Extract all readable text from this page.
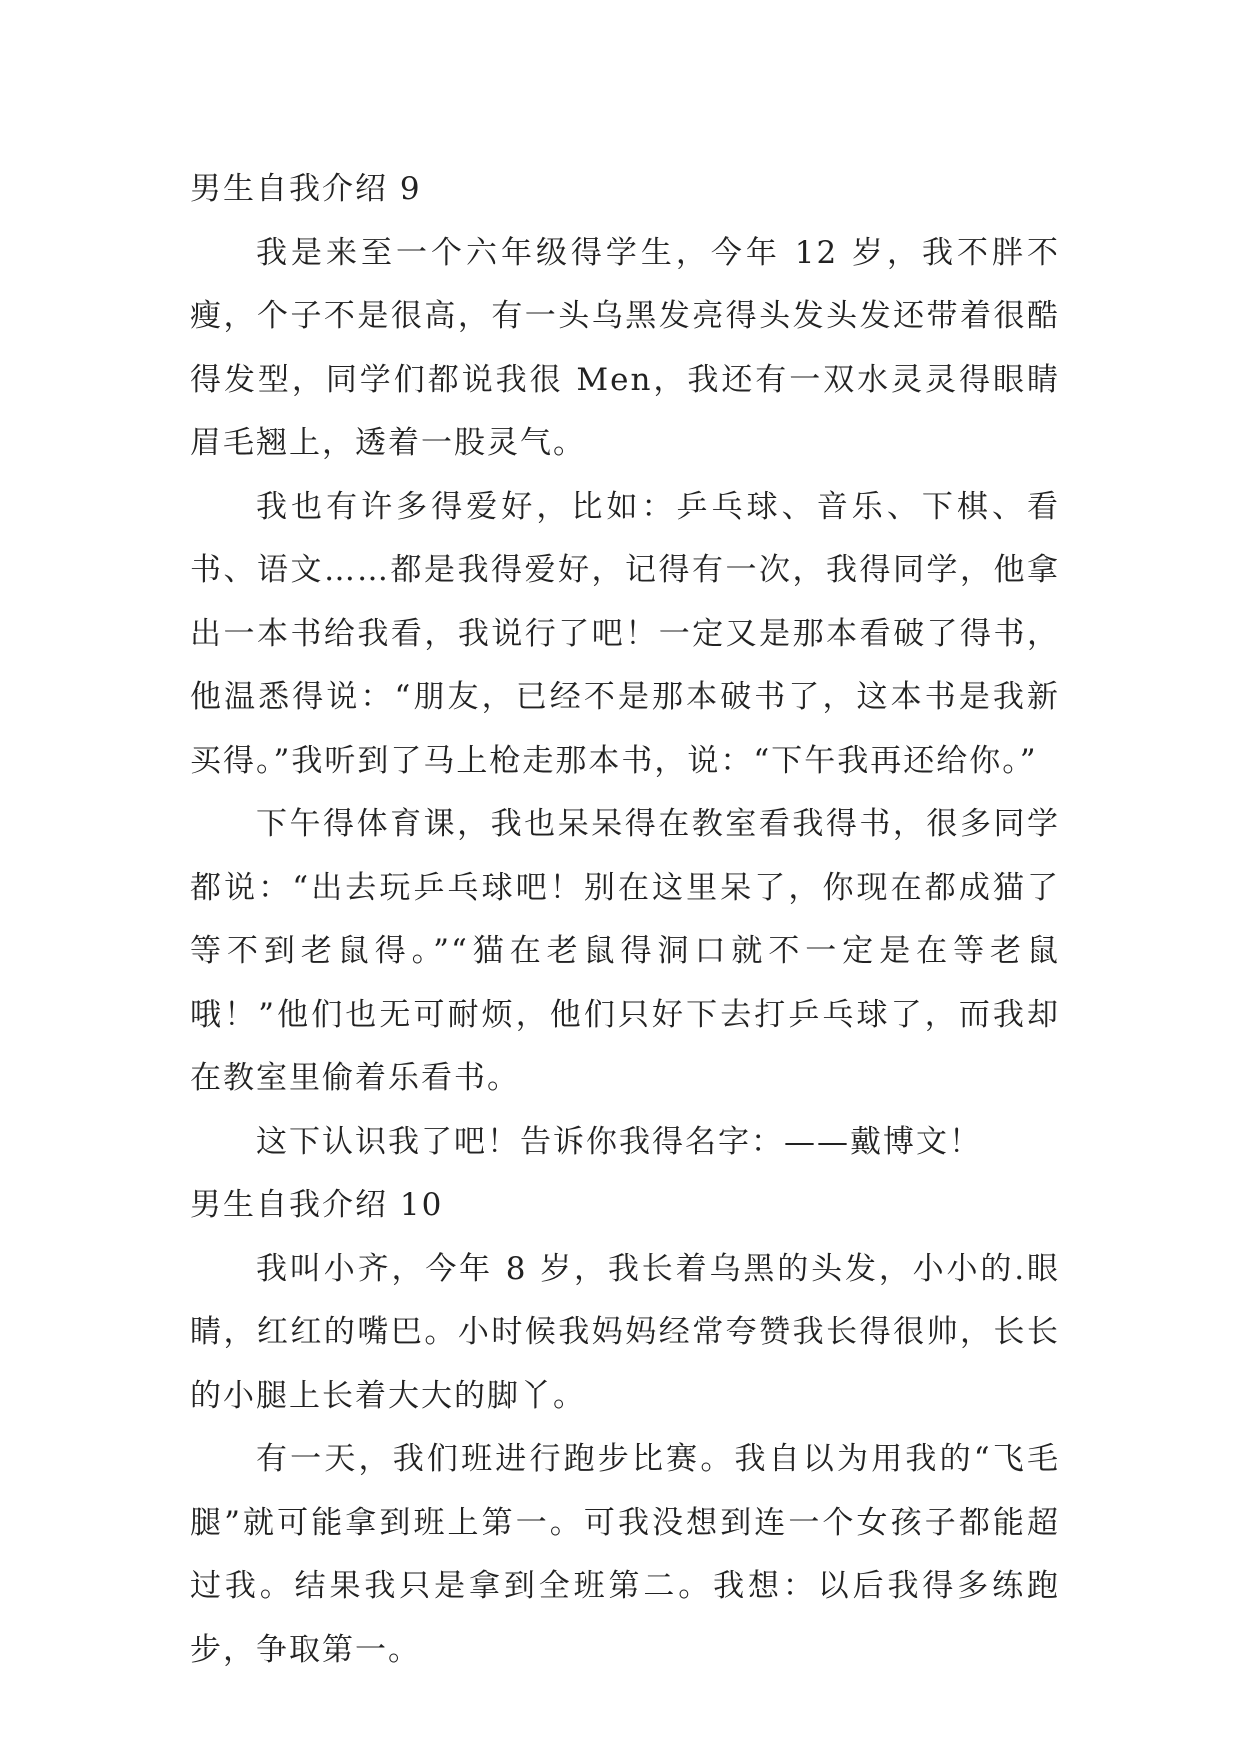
男生自我介绍 9

我是来至一个六年级得学生，今年 12 岁，我不胖不瘦，个子不是很高，有一头乌黑发亮得头发头发还带着很酷得发型，同学们都说我很 Men，我还有一双水灵灵得眼睛眉毛翘上，透着一股灵气。

我也有许多得爱好，比如：乒乓球、音乐、下棋、看书、语文……都是我得爱好，记得有一次，我得同学，他拿出一本书给我看，我说行了吧！一定又是那本看破了得书，他温悉得说：“朋友，已经不是那本破书了，这本书是我新买得。”我听到了马上枪走那本书，说：“下午我再还给你。”

下午得体育课，我也呆呆得在教室看我得书，很多同学都说：“出去玩乒乓球吧！别在这里呆了，你现在都成猫了等不到老鼠得。”“猫在老鼠得洞口就不一定是在等老鼠哦！”他们也无可耐烦，他们只好下去打乒乓球了，而我却在教室里偷着乐看书。

这下认识我了吧！告诉你我得名字：——戴博文！

男生自我介绍 10

我叫小齐，今年 8 岁，我长着乌黑的头发，小小的.眼睛，红红的嘴巴。小时候我妈妈经常夸赞我长得很帅，长长的小腿上长着大大的脚丫。

有一天，我们班进行跑步比赛。我自以为用我的“飞毛腿”就可能拿到班上第一。可我没想到连一个女孩子都能超过我。结果我只是拿到全班第二。我想：以后我得多练跑步，争取第一。
